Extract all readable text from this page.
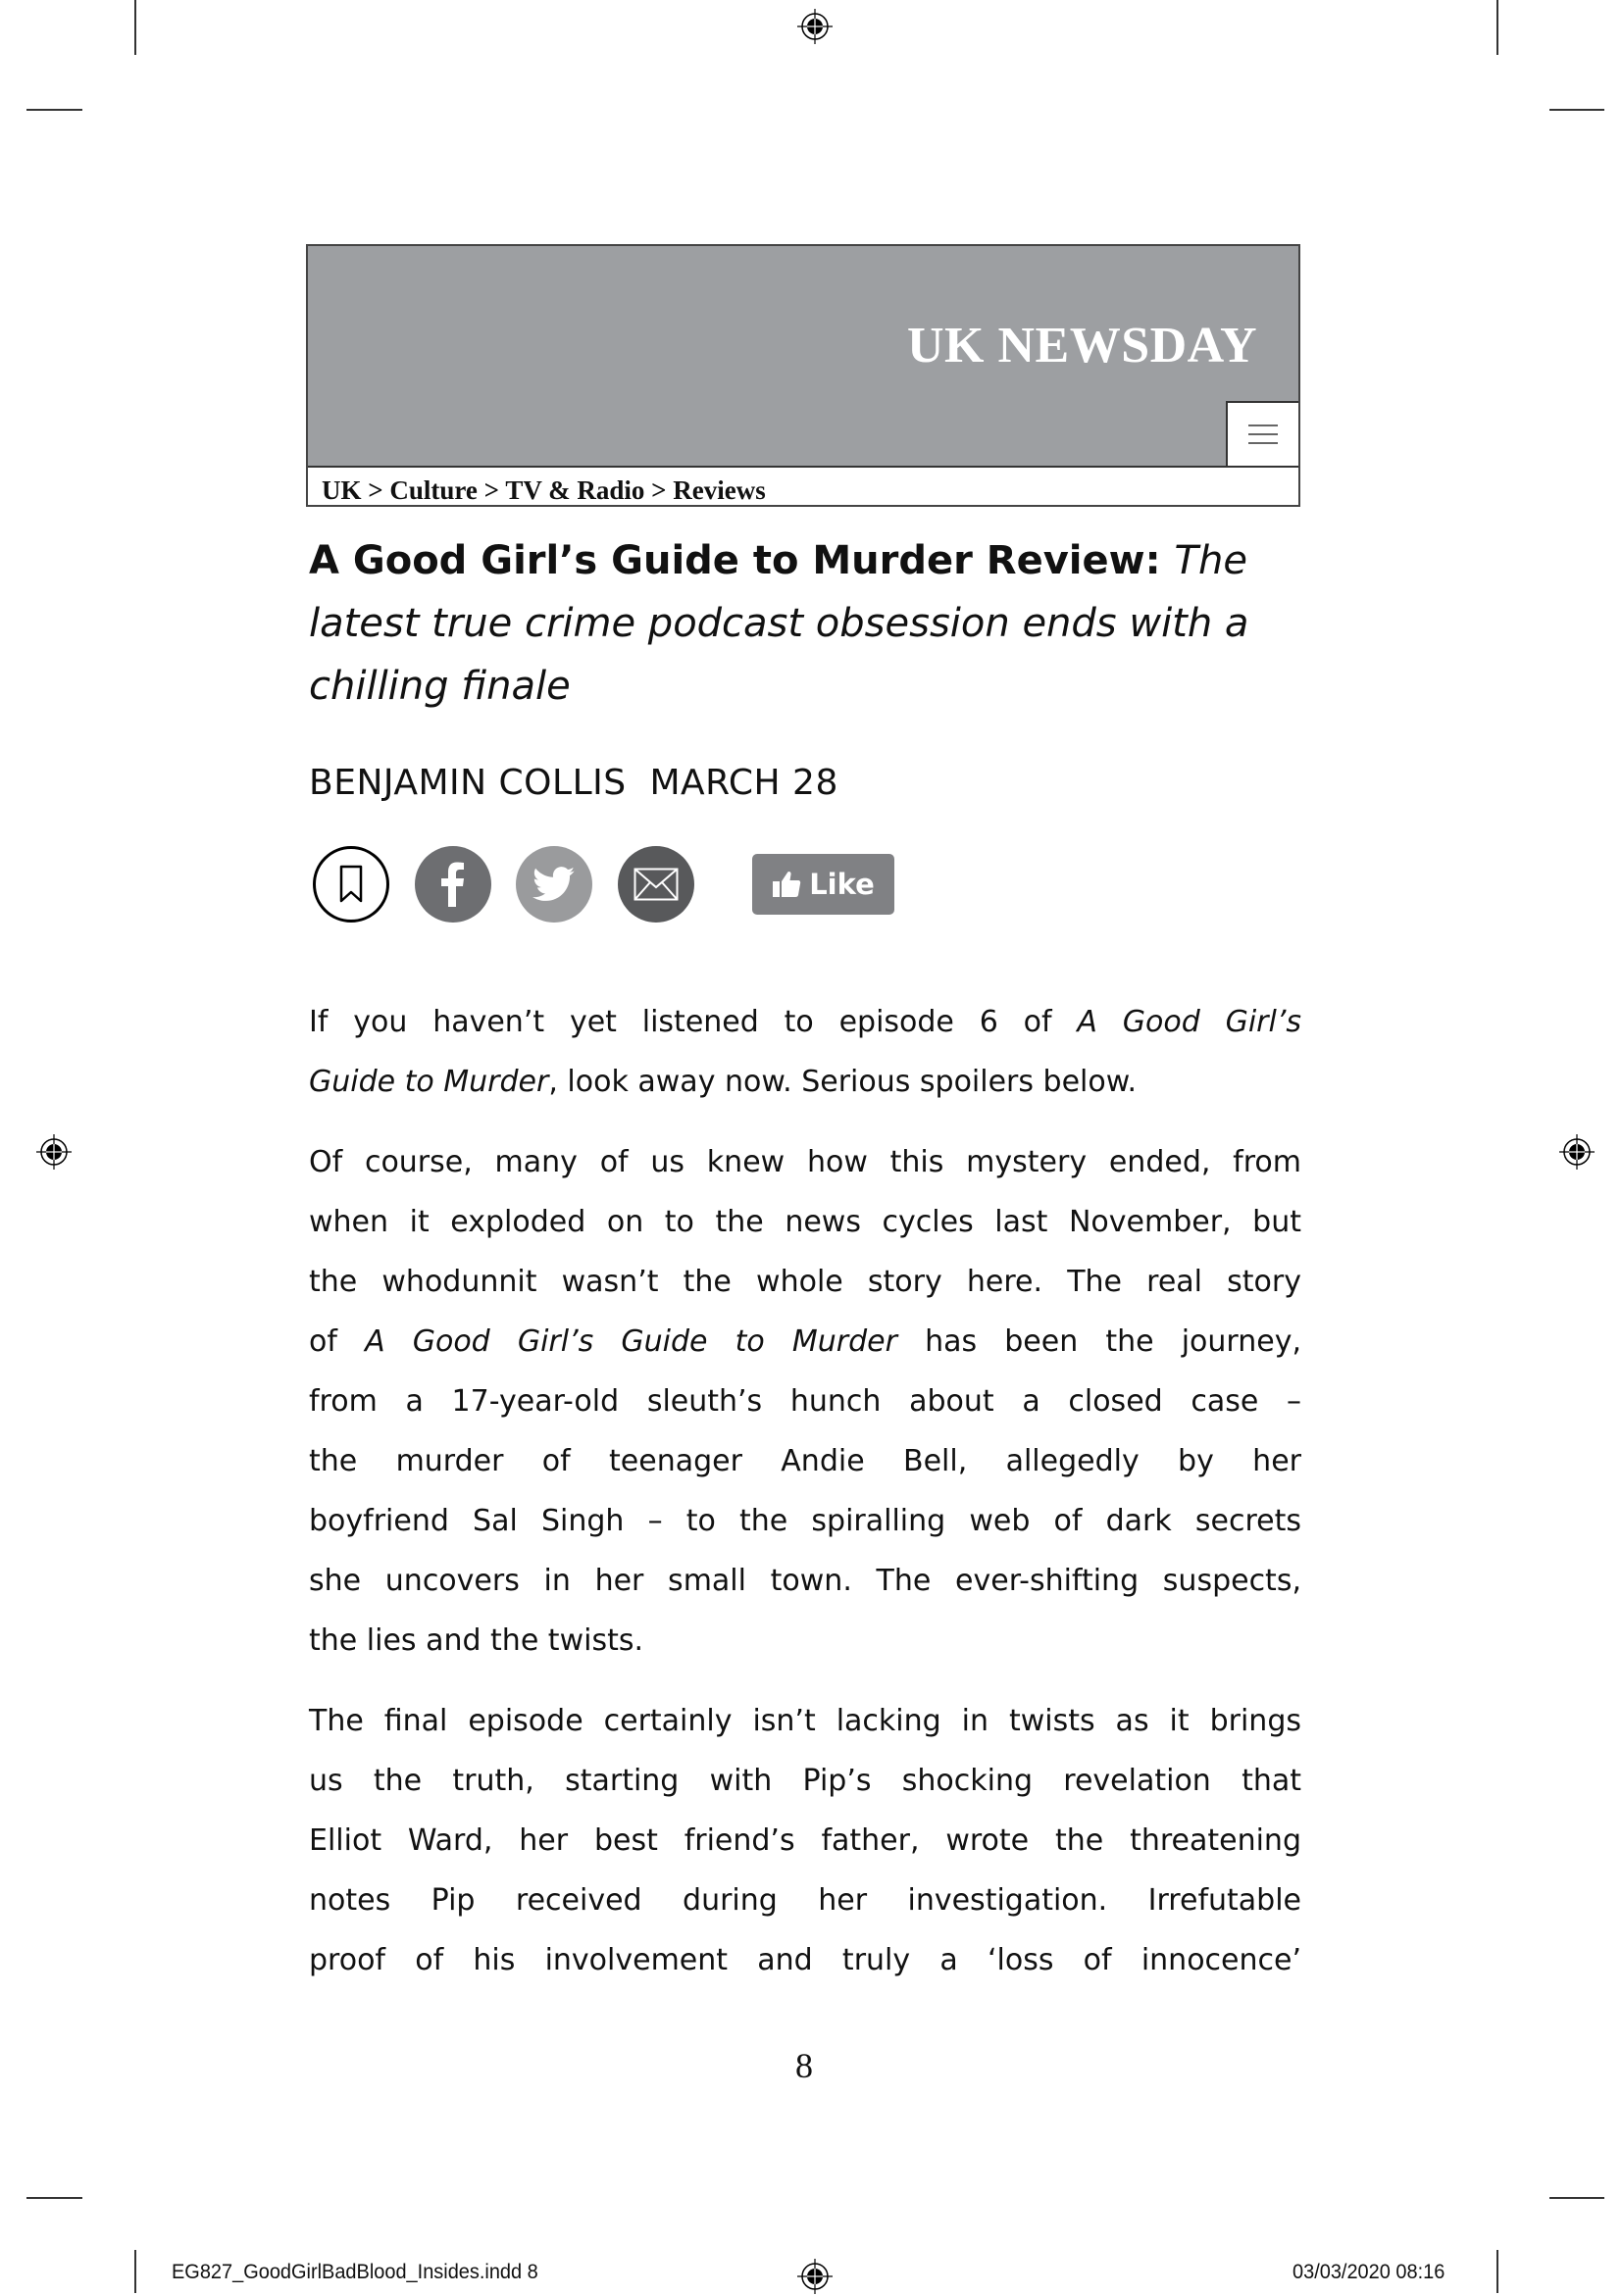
UK NEWSDAY
UK > Culture > TV & Radio > Reviews
A Good Girl’s Guide to Murder Review: The
latest true crime podcast obsession ends with a
chilling finale
BENJAMIN COLLIS MARCH 28
Like
If you haven’t yet listened to episode 6 of A Good Girl’s
Guide to Murder, look away now. Serious spoilers below.
Of course, many of us knew how this mystery ended, from
when it exploded on to the news cycles last November, but
the whodunnit wasn’t the whole story here. The real story
of A Good Girl’s Guide to Murder has been the journey,
from a 17-year-old sleuth’s hunch about a closed case –
the murder of teenager Andie Bell, allegedly by her
boyfriend Sal Singh – to the spiralling web of dark secrets
she uncovers in her small town. The ever-shifting suspects,
the lies and the twists.
The final episode certainly isn’t lacking in twists as it brings
us the truth, starting with Pip’s shocking revelation that
Elliot Ward, her best friend’s father, wrote the threatening
notes Pip received during her investigation. Irrefutable
proof of his involvement and truly a ‘loss of innocence’
8
EG827_GoodGirlBadBlood_Insides.indd 8	03/03/2020 08:16
